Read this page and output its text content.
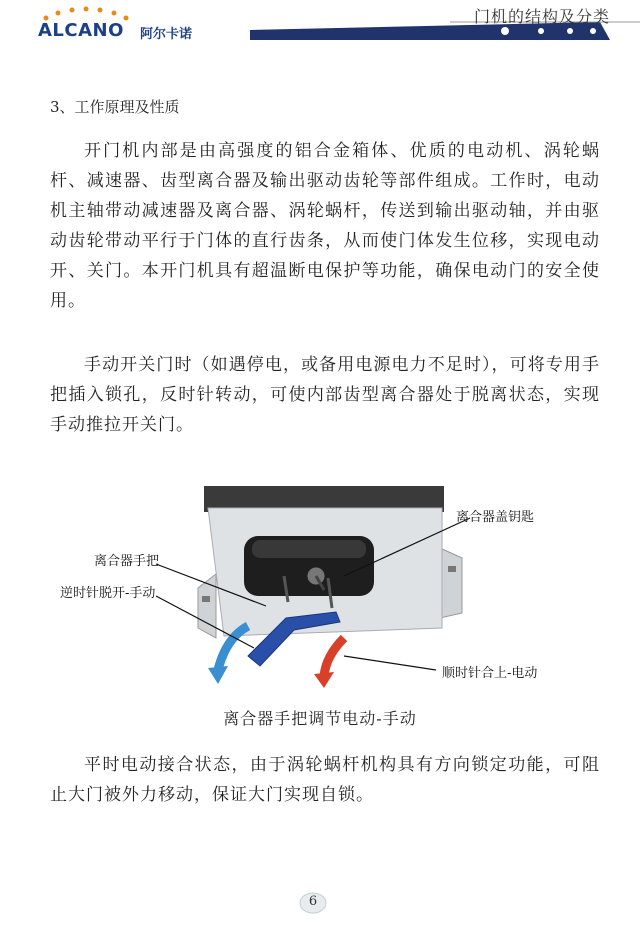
ALCANO 阿尔卡诺
门机的结构及分类
3、工作原理及性质

开门机内部是由高强度的铝合金箱体、优质的电动机、涡轮蜗杆、减速器、齿型离合器及输出驱动齿轮等部件组成。工作时，电动机主轴带动减速器及离合器、涡轮蜗杆，传送到输出驱动轴，并由驱动齿轮带动平行于门体的直行齿条，从而使门体发生位移，实现电动开、关门。本开门机具有超温断电保护等功能，确保电动门的安全使用。

手动开关门时（如遇停电，或备用电源电力不足时），可将专用手把插入锁孔，反时针转动，可使内部齿型离合器处于脱离状态，实现手动推拉开关门。

离合器盖钥匙
离合器手把
逆时针脱开-手动
顺时针合上-电动
离合器手把调节电动-手动

平时电动接合状态，由于涡轮蜗杆机构具有方向锁定功能，可阻止大门被外力移动，保证大门实现自锁。

6
